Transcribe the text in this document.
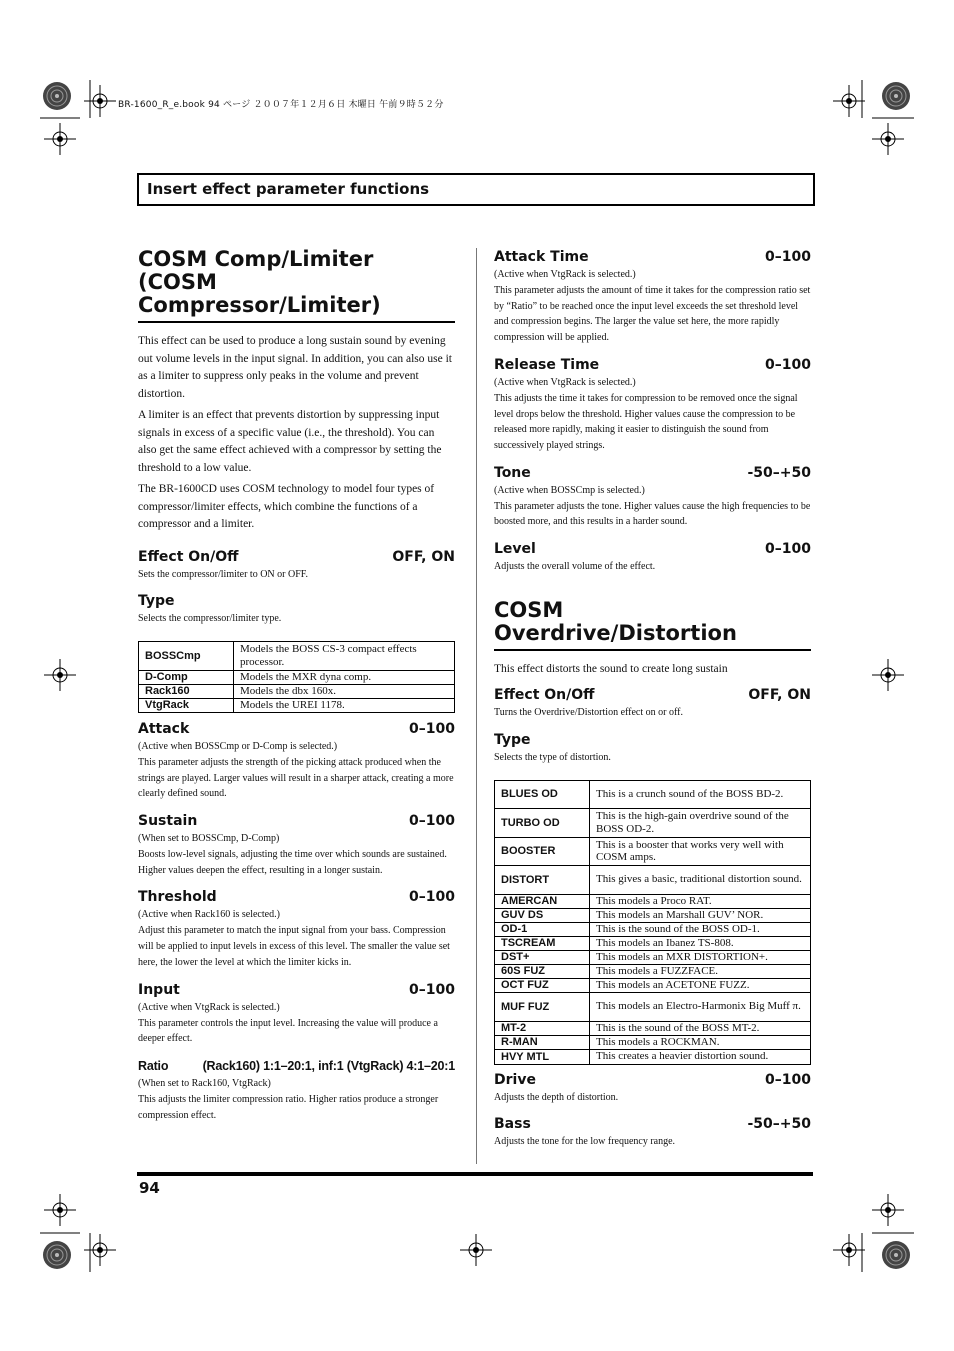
BR-1600_R_e.book 94 ページ ２００７年１２月６日 木曜日 午前９時５２分
Insert effect parameter functions
COSM Comp/Limiter (COSM Compressor/Limiter)

This effect can be used to produce a long sustain sound by evening out volume levels in the input signal. In addition, you can also use it as a limiter to suppress only peaks in the volume and prevent distortion.

A limiter is an effect that prevents distortion by suppressing input signals in excess of a specific value (i.e., the threshold). You can also get the same effect achieved with a compressor by setting the threshold to a low value.

The BR-1600CD uses COSM technology to model four types of compressor/limiter effects, which combine the functions of a compressor and a limiter.

Effect On/Off	OFF, ON

Sets the compressor/limiter to ON or OFF.

Type

Selects the compressor/limiter type.

BOSSCmp	Models the BOSS CS-3 compact effects processor.
D-Comp	Models the MXR dyna comp.
Rack160	Models the dbx 160x.
VtgRack	Models the UREI 1178.
Attack	0–100

(Active when BOSSCmp or D-Comp is selected.)

This parameter adjusts the strength of the picking attack produced when the strings are played. Larger values will result in a sharper attack, creating a more clearly defined sound.

Sustain	0–100

(When set to BOSSCmp, D-Comp)

Boosts low-level signals, adjusting the time over which sounds are sustained. Higher values deepen the effect, resulting in a longer sustain.

Threshold	0–100

(Active when Rack160 is selected.)

Adjust this parameter to match the input signal from your bass. Compression will be applied to input levels in excess of this level. The smaller the value set here, the lower the level at which the limiter kicks in.

Input	0–100

(Active when VtgRack is selected.)

This parameter controls the input level. Increasing the value will produce a deeper effect.

Ratio	(Rack160) 1:1–20:1, inf:1 (VtgRack) 4:1–20:1

(When set to Rack160, VtgRack)

This adjusts the limiter compression ratio. Higher ratios produce a stronger compression effect.

Attack Time	0–100

(Active when VtgRack is selected.)

This parameter adjusts the amount of time it takes for the compression ratio set by “Ratio” to be reached once the input level exceeds the set threshold level and compression begins. The larger the value set here, the more rapidly compression will be applied.

Release Time	0–100

(Active when VtgRack is selected.)

This adjusts the time it takes for compression to be removed once the signal level drops below the threshold. Higher values cause the compression to be released more rapidly, making it easier to distinguish the sound from successively played strings.

Tone	-50–+50

(Active when BOSSCmp is selected.)

This parameter adjusts the tone. Higher values cause the high frequencies to be boosted more, and this results in a harder sound.

Level	0–100

Adjusts the overall volume of the effect.

COSM Overdrive/Distortion

This effect distorts the sound to create long sustain

Effect On/Off	OFF, ON

Turns the Overdrive/Distortion effect on or off.

Type

Selects the type of distortion.

BLUES OD	This is a crunch sound of the BOSS BD-2.
TURBO OD	This is the high-gain overdrive sound of the BOSS OD-2.
BOOSTER	This is a booster that works very well with COSM amps.
DISTORT	This gives a basic, traditional distortion sound.
AMERCAN	This models a Proco RAT.
GUV DS	This models an Marshall GUV’ NOR.
OD-1	This is the sound of the BOSS OD-1.
TSCREAM	This models an Ibanez TS-808.
DST+	This models an MXR DISTORTION+.
60S FUZ	This models a FUZZFACE.
OCT FUZ	This models an ACETONE FUZZ.
MUF FUZ	This models an Electro-Harmonix Big Muff π.
MT-2	This is the sound of the BOSS MT-2.
R-MAN	This models a ROCKMAN.
HVY MTL	This creates a heavier distortion sound.
Drive	0–100

Adjusts the depth of distortion.

Bass	-50–+50

Adjusts the tone for the low frequency range.

94
